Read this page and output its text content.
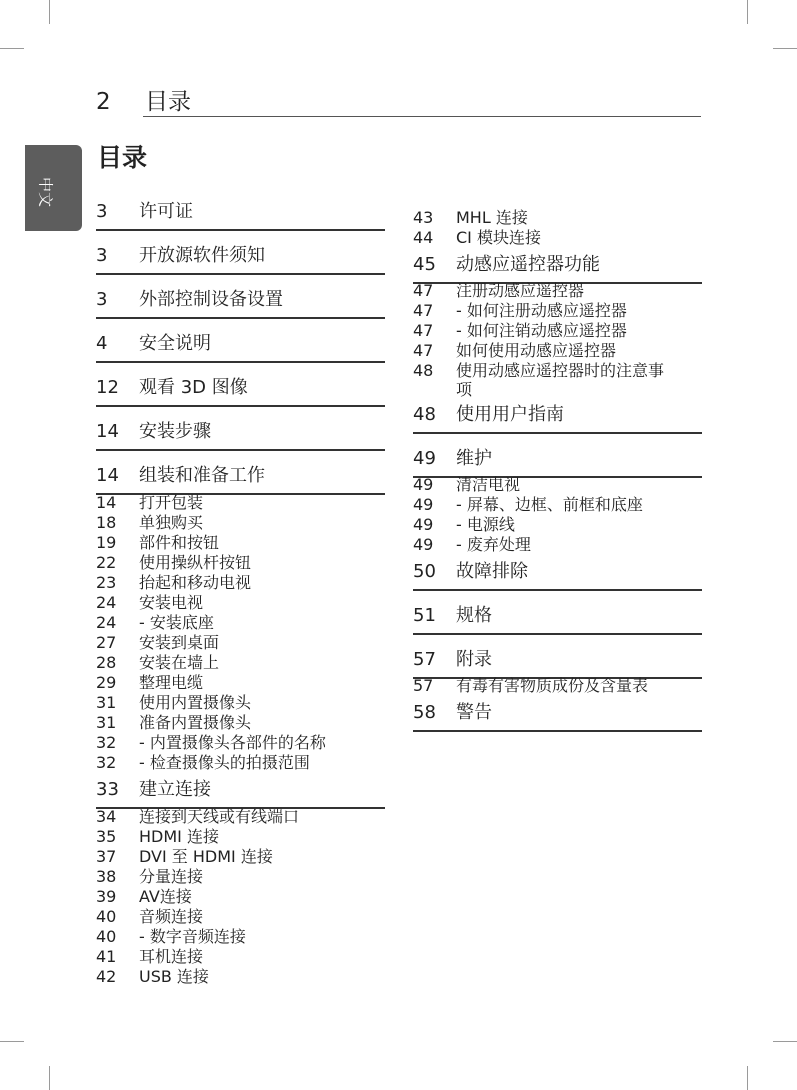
2 目录
中文
目录
3 许可证
3 开放源软件须知
3 外部控制设备设置
4 安全说明
12 观看 3D 图像
14 安装步骤
14 组装和准备工作
14 打开包装
18 单独购买
19 部件和按钮
22 使用操纵杆按钮
23 抬起和移动电视
24 安装电视
24 - 安装底座
27 安装到桌面
28 安装在墙上
29 整理电缆
31 使用内置摄像头
31 准备内置摄像头
32 - 内置摄像头各部件的名称
32 - 检查摄像头的拍摄范围
33 建立连接
34 连接到天线或有线端口
35 HDMI 连接
37 DVI 至 HDMI 连接
38 分量连接
39 AV连接
40 音频连接
40 - 数字音频连接
41 耳机连接
42 USB 连接
43 MHL 连接
44 CI 模块连接
45 动感应遥控器功能
47 注册动感应遥控器
47 - 如何注册动感应遥控器
47 - 如何注销动感应遥控器
47 如何使用动感应遥控器
48 使用动感应遥控器时的注意事
项
48 使用用户指南
49 维护
49 清洁电视
49 - 屏幕、边框、前框和底座
49 - 电源线
49 - 废弃处理
50 故障排除
51 规格
57 附录
57 有毒有害物质成份及含量表
58 警告
